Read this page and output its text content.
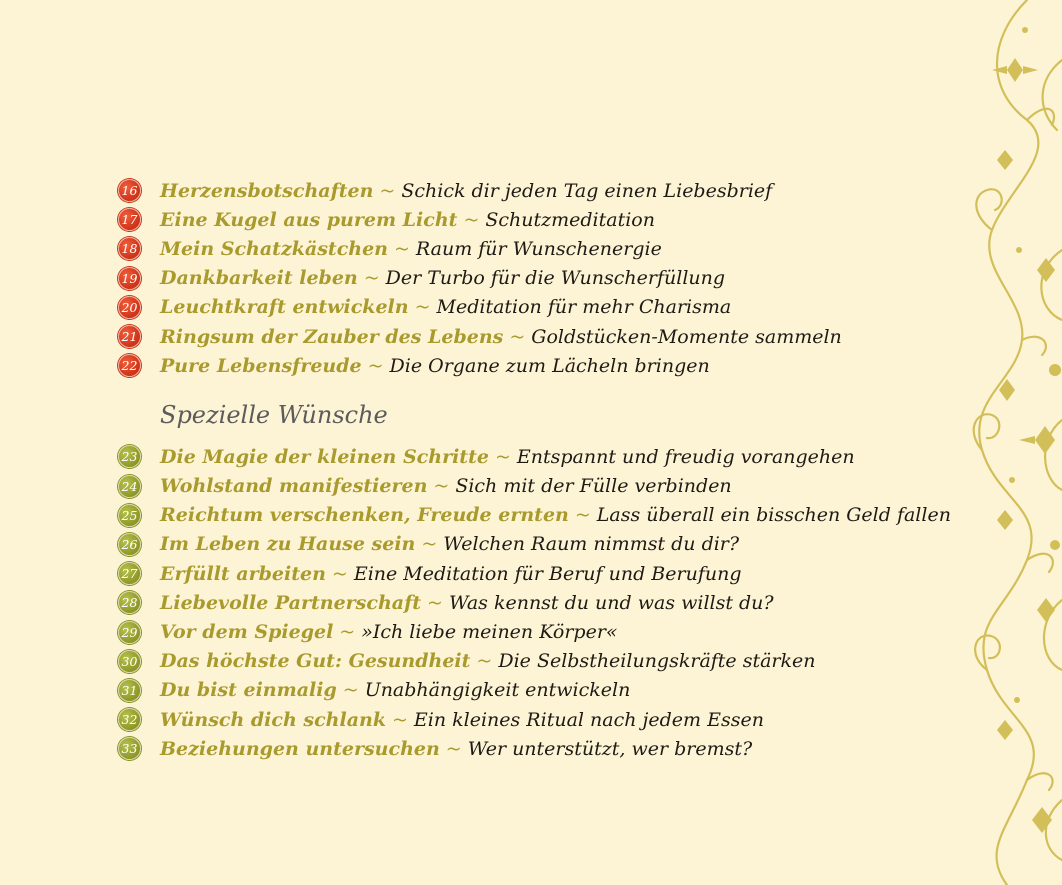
16 Herzensbotschaften ~ Schick dir jeden Tag einen Liebesbrief
17 Eine Kugel aus purem Licht ~ Schutzmeditation
18 Mein Schatzkästchen ~ Raum für Wunschenergie
19 Dankbarkeit leben ~ Der Turbo für die Wunscherfüllung
20 Leuchtkraft entwickeln ~ Meditation für mehr Charisma
21 Ringsum der Zauber des Lebens ~ Goldstücken-Momente sammeln
22 Pure Lebensfreude ~ Die Organe zum Lächeln bringen
Spezielle Wünsche
23 Die Magie der kleinen Schritte ~ Entspannt und freudig vorangehen
24 Wohlstand manifestieren ~ Sich mit der Fülle verbinden
25 Reichtum verschenken, Freude ernten ~ Lass überall ein bisschen Geld fallen
26 Im Leben zu Hause sein ~ Welchen Raum nimmst du dir?
27 Erfüllt arbeiten ~ Eine Meditation für Beruf und Berufung
28 Liebevolle Partnerschaft ~ Was kennst du und was willst du?
29 Vor dem Spiegel ~ »Ich liebe meinen Körper«
30 Das höchste Gut: Gesundheit ~ Die Selbstheilungskräfte stärken
31 Du bist einmalig ~ Unabhängigkeit entwickeln
32 Wünsch dich schlank ~ Ein kleines Ritual nach jedem Essen
33 Beziehungen untersuchen ~ Wer unterstützt, wer bremst?
